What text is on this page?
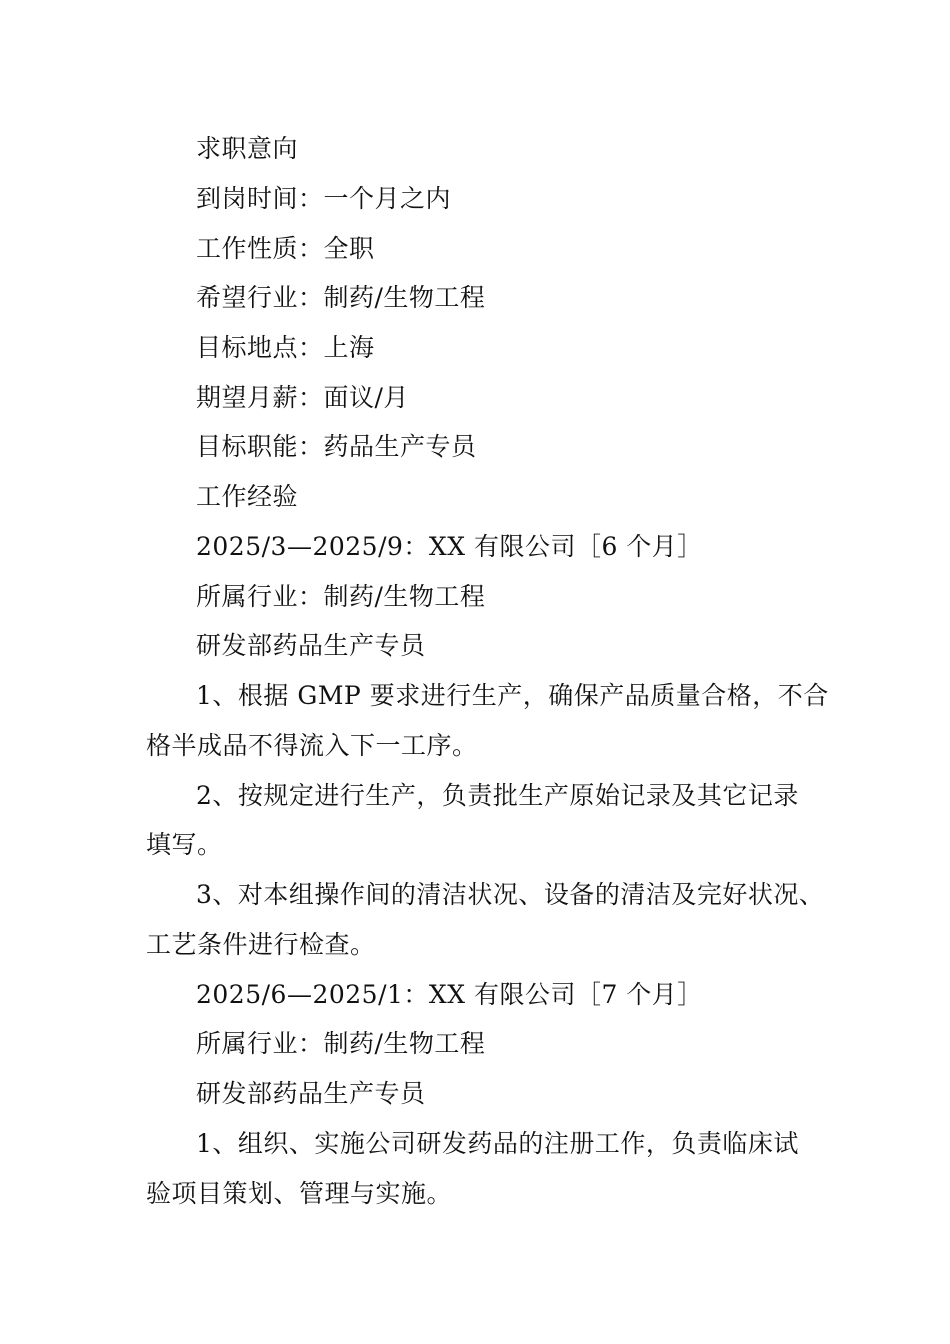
求职意向
到岗时间：一个月之内
工作性质：全职
希望行业：制药/生物工程
目标地点：上海
期望月薪：面议/月
目标职能：药品生产专员
工作经验
2025/3—2025/9：XX 有限公司［6 个月］
所属行业：制药/生物工程
研发部药品生产专员
1、根据 GMP 要求进行生产，确保产品质量合格，不合
格半成品不得流入下一工序。
2、按规定进行生产，负责批生产原始记录及其它记录
填写。
3、对本组操作间的清洁状况、设备的清洁及完好状况、
工艺条件进行检查。
2025/6—2025/1：XX 有限公司［7 个月］
所属行业：制药/生物工程
研发部药品生产专员
1、组织、实施公司研发药品的注册工作，负责临床试
验项目策划、管理与实施。
